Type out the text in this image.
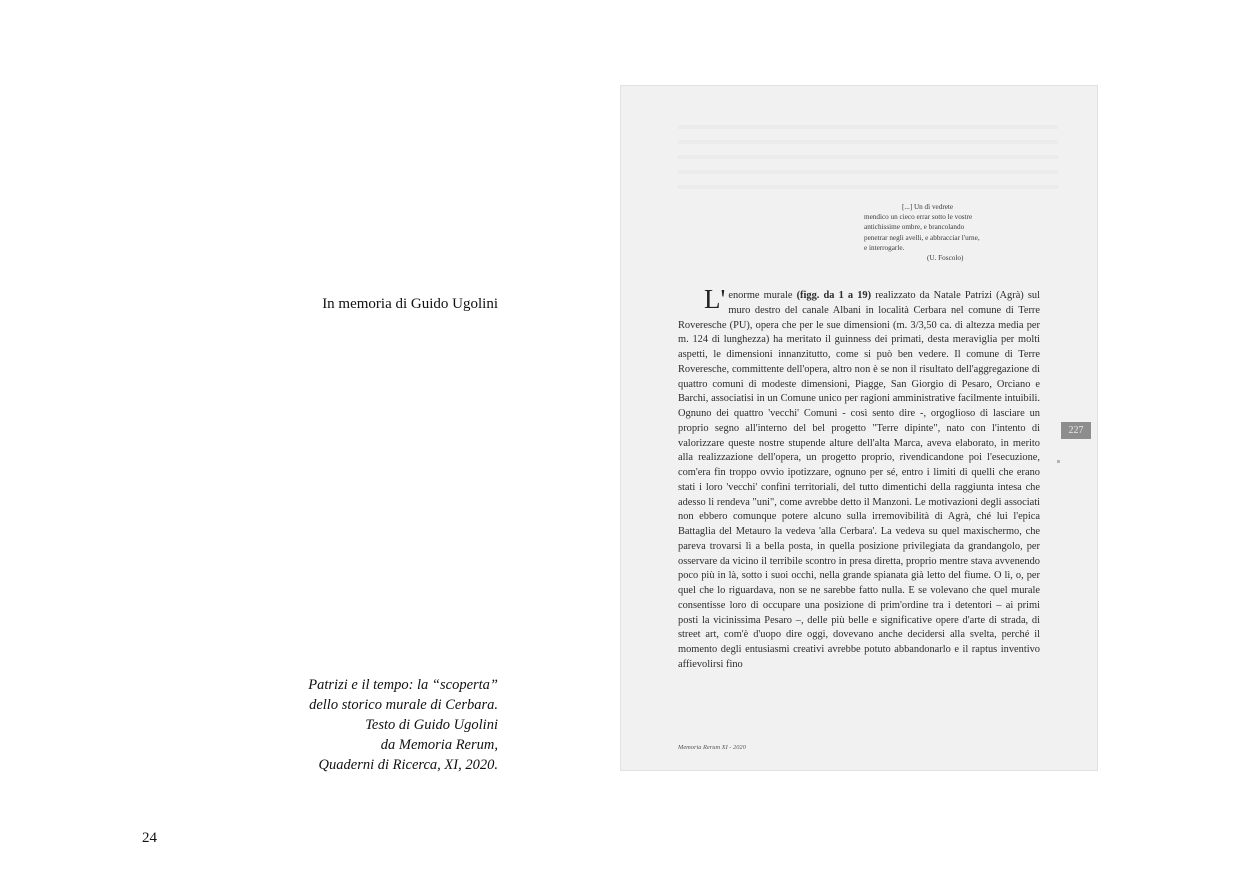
In memoria di Guido Ugolini
Patrizi e il tempo: la “scoperta”
dello storico murale di Cerbara.
Testo di Guido Ugolini
da Memoria Rerum,
Quaderni di Ricerca, XI, 2020.
24
[...] Un dì vedrete
mendico un cieco errar sotto le vostre
antichissime ombre, e brancolando
penetrar negli avelli, e abbracciar l'urne,
e interrogarle.
(U. Foscolo)
L' enorme murale (figg. da 1 a 19) realizzato da Natale Patrizi (Agrà) sul muro destro del canale Albani in località Cerbara nel comune di Terre Roveresche (PU), opera che per le sue dimensioni (m. 3/3,50 ca. di altezza media per m. 124 di lunghezza) ha meritato il guinness dei primati, desta meraviglia per molti aspetti, le dimensioni innanzitutto, come si può ben vedere. Il comune di Terre Roveresche, committente dell'opera, altro non è se non il risultato dell'aggregazione di quattro comuni di modeste dimensioni, Piagge, San Giorgio di Pesaro, Orciano e Barchi, associatisi in un Comune unico per ragioni amministrative facilmente intuibili. Ognuno dei quattro 'vecchi' Comuni - così sento dire -, orgoglioso di lasciare un proprio segno all'interno del bel progetto "Terre dipinte", nato con l'intento di valorizzare queste nostre stupende alture dell'alta Marca, aveva elaborato, in merito alla realizzazione dell'opera, un progetto proprio, rivendicandone poi l'esecuzione, com'era fin troppo ovvio ipotizzare, ognuno per sé, entro i limiti di quelli che erano stati i loro 'vecchi' confini territoriali, del tutto dimentichi della raggiunta intesa che adesso li rendeva "uni", come avrebbe detto il Manzoni. Le motivazioni degli associati non ebbero comunque potere alcuno sulla irremovibilità di Agrà, ché lui l'epica Battaglia del Metauro la vedeva 'alla Cerbara'. La vedeva su quel maxischermo, che pareva trovarsi lì a bella posta, in quella posizione privilegiata da grandangolo, per osservare da vicino il terribile scontro in presa diretta, proprio mentre stava avvenendo poco più in là, sotto i suoi occhi, nella grande spianata già letto del fiume. O lì, o, per quel che lo riguardava, non se ne sarebbe fatto nulla. E se volevano che quel murale consentisse loro di occupare una posizione di prim'ordine tra i detentori – ai primi posti la vicinissima Pesaro –, delle più belle e significative opere d'arte di strada, di street art, com'è d'uopo dire oggi, dovevano anche decidersi alla svelta, perché il momento degli entusiasmi creativi avrebbe potuto abbandonarlo e il raptus inventivo affievolirsi fino
227
Memoria Rerum XI - 2020
